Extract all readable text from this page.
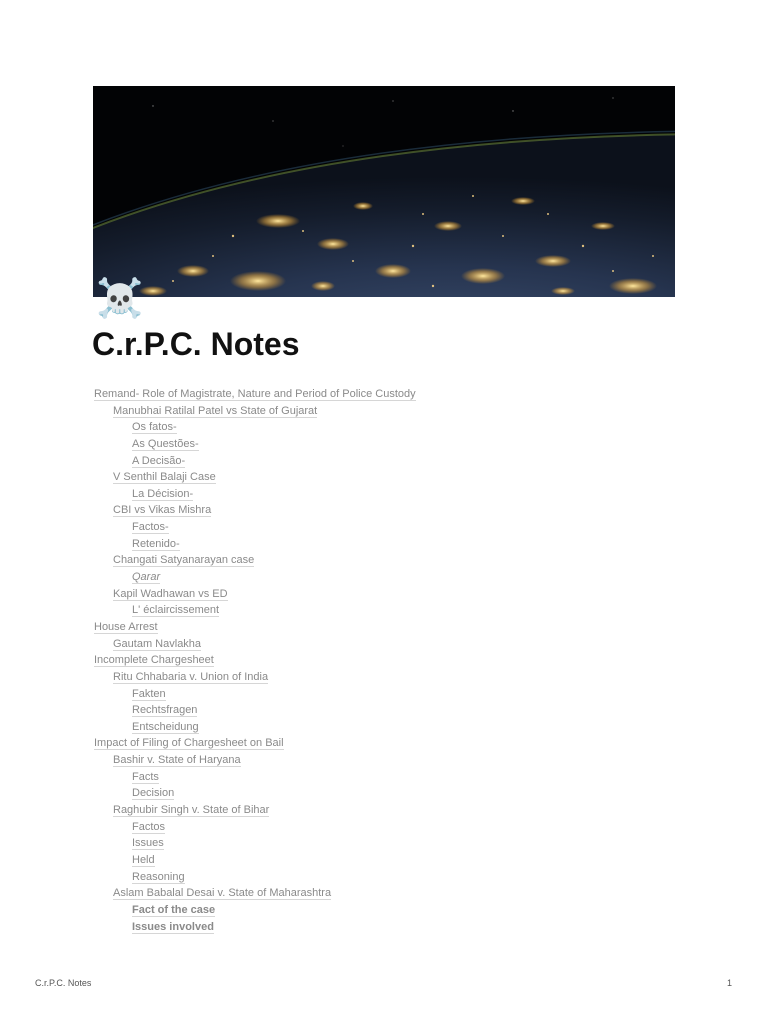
☠️
C.r.P.C. Notes
Remand- Role of Magistrate, Nature and Period of Police Custody
Manubhai Ratilal Patel vs State of Gujarat
Os fatos-
As Questões-
A Decisão-
V Senthil Balaji Case
La Décision-
CBI vs Vikas Mishra
Factos-
Retenido-
Changati Satyanarayan case
Qarar
Kapil Wadhawan vs ED
L' éclaircissement
House Arrest
Gautam Navlakha
Incomplete Chargesheet
Ritu Chhabaria v. Union of India
Fakten
Rechtsfragen
Entscheidung
Impact of Filing of Chargesheet on Bail
Bashir v. State of Haryana
Facts
Decision
Raghubir Singh v. State of Bihar
Factos
Issues
Held
Reasoning
Aslam Babalal Desai v. State of Maharashtra
Fact of the case
Issues involved
C.r.P.C. Notes	1
